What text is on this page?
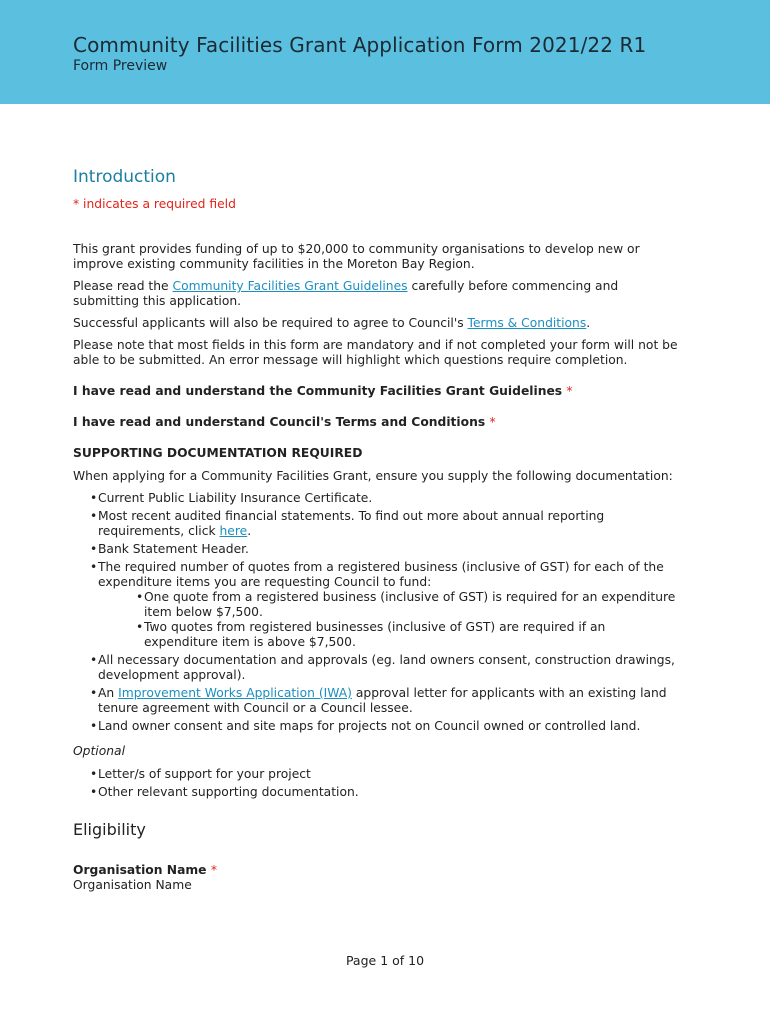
Community Facilities Grant Application Form 2021/22 R1
Form Preview
Introduction
* indicates a required field

This grant provides funding of up to $20,000 to community organisations to develop new or improve existing community facilities in the Moreton Bay Region.

Please read the Community Facilities Grant Guidelines carefully before commencing and submitting this application.

Successful applicants will also be required to agree to Council's Terms & Conditions.

Please note that most fields in this form are mandatory and if not completed your form will not be able to be submitted. An error message will highlight which questions require completion.

I have read and understand the Community Facilities Grant Guidelines *
I have read and understand Council's Terms and Conditions *
SUPPORTING DOCUMENTATION REQUIRED

When applying for a Community Facilities Grant, ensure you supply the following documentation:

• Current Public Liability Insurance Certificate.
• Most recent audited financial statements. To find out more about annual reporting requirements, click here.
• Bank Statement Header.
• The required number of quotes from a registered business (inclusive of GST) for each of the expenditure items you are requesting Council to fund:
• One quote from a registered business (inclusive of GST) is required for an expenditure item below $7,500.
• Two quotes from registered businesses (inclusive of GST) are required if an expenditure item is above $7,500.
• All necessary documentation and approvals (eg. land owners consent, construction drawings, development approval).
• An Improvement Works Application (IWA) approval letter for applicants with an existing land tenure agreement with Council or a Council lessee.
• Land owner consent and site maps for projects not on Council owned or controlled land.
Optional
• Letter/s of support for your project
• Other relevant supporting documentation.
Eligibility
Organisation Name *
Organisation Name
Page 1 of 10
